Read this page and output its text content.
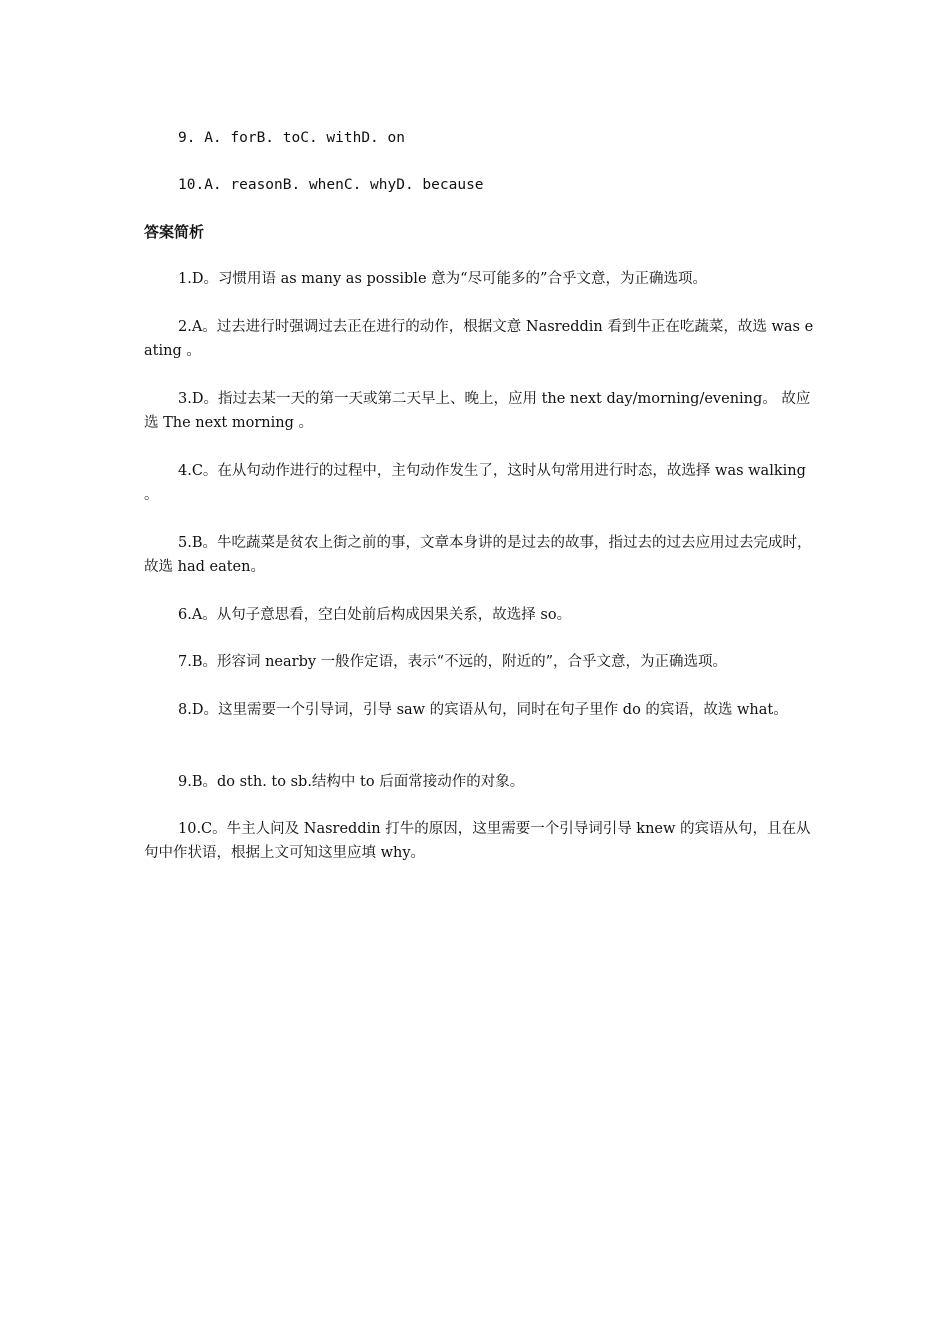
9. A. forB. toC. withD. on
10.A. reasonB. whenC. whyD. because
答案简析
1.D。习惯用语 as many as possible 意为“尽可能多的”合乎文意，为正确选项。
2.A。过去进行时强调过去正在进行的动作，根据文意 Nasreddin 看到牛正在吃蔬菜，故选 was eating 。
3.D。指过去某一天的第一天或第二天早上、晚上，应用 the next day/morning/evening。 故应选 The next morning 。
4.C。在从句动作进行的过程中，主句动作发生了，这时从句常用进行时态，故选择 was walking 。
5.B。牛吃蔬菜是贫农上街之前的事，文章本身讲的是过去的故事，指过去的过去应用过去完成时，故选 had eaten。
6.A。从句子意思看，空白处前后构成因果关系，故选择 so。
7.B。形容词 nearby 一般作定语，表示“不远的，附近的”，合乎文意，为正确选项。
8.D。这里需要一个引导词，引导 saw 的宾语从句，同时在句子里作 do 的宾语，故选 what。
9.B。do sth. to sb.结构中 to 后面常接动作的对象。
10.C。牛主人问及 Nasreddin 打牛的原因，这里需要一个引导词引导 knew 的宾语从句，且在从句中作状语，根据上文可知这里应填 why。
